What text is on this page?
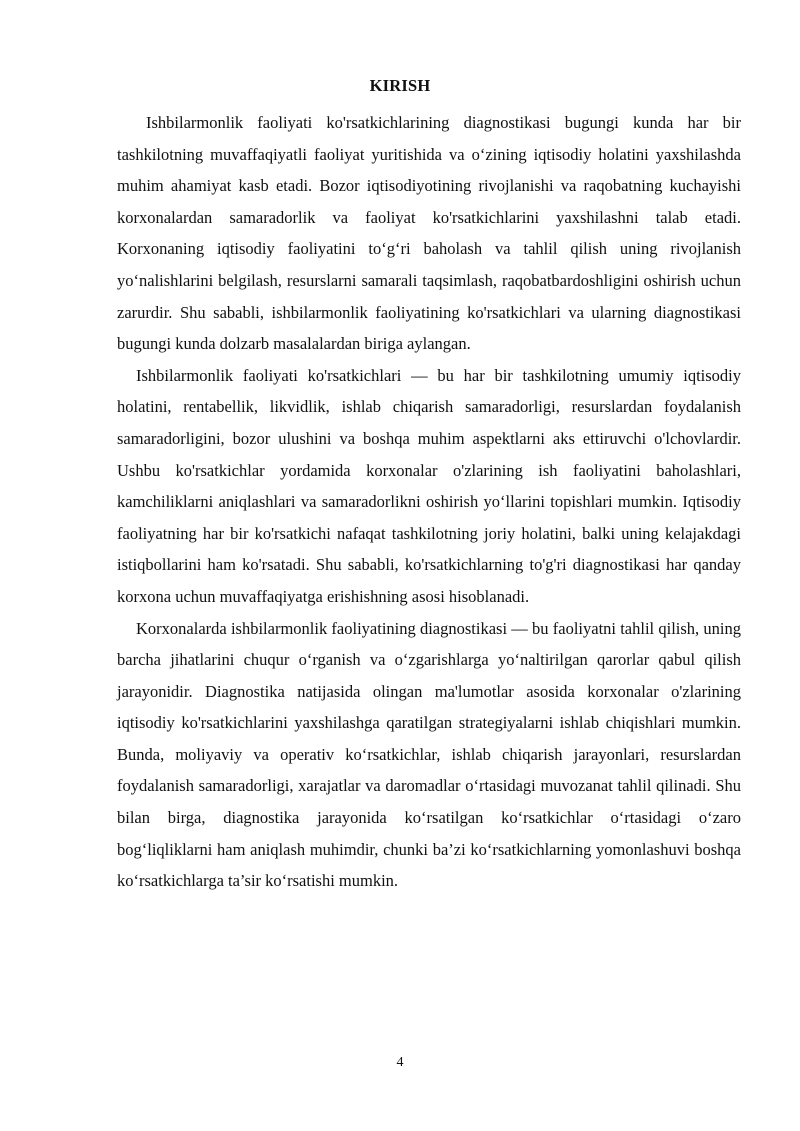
KIRISH

Ishbilarmonlik faoliyati ko'rsatkichlarining diagnostikasi bugungi kunda har bir tashkilotning muvaffaqiyatli faoliyat yuritishida va o‘zining iqtisodiy holatini yaxshilashda muhim ahamiyat kasb etadi. Bozor iqtisodiyotining rivojlanishi va raqobatning kuchayishi korxonalardan samaradorlik va faoliyat ko'rsatkichlarini yaxshilashni talab etadi. Korxonaning iqtisodiy faoliyatini to‘g‘ri baholash va tahlil qilish uning rivojlanish yo‘nalishlarini belgilash, resurslarni samarali taqsimlash, raqobatbardoshligini oshirish uchun zarurdir. Shu sababli, ishbilarmonlik faoliyatining ko'rsatkichlari va ularning diagnostikasi bugungi kunda dolzarb masalalardan biriga aylangan.

Ishbilarmonlik faoliyati ko'rsatkichlari — bu har bir tashkilotning umumiy iqtisodiy holatini, rentabellik, likvidlik, ishlab chiqarish samaradorligi, resurslardan foydalanish samaradorligini, bozor ulushini va boshqa muhim aspektlarni aks ettiruvchi o'lchovlardir. Ushbu ko'rsatkichlar yordamida korxonalar o'zlarining ish faoliyatini baholashlari, kamchiliklarni aniqlashlari va samaradorlikni oshirish yo‘llarini topishlari mumkin. Iqtisodiy faoliyatning har bir ko'rsatkichi nafaqat tashkilotning joriy holatini, balki uning kelajakdagi istiqbollarini ham ko'rsatadi. Shu sababli, ko'rsatkichlarning to'g'ri diagnostikasi har qanday korxona uchun muvaffaqiyatga erishishning asosi hisoblanadi.

Korxonalarda ishbilarmonlik faoliyatining diagnostikasi — bu faoliyatni tahlil qilish, uning barcha jihatlarini chuqur o‘rganish va o‘zgarishlarga yo‘naltirilgan qarorlar qabul qilish jarayonidir. Diagnostika natijasida olingan ma'lumotlar asosida korxonalar o'zlarining iqtisodiy ko'rsatkichlarini yaxshilashga qaratilgan strategiyalarni ishlab chiqishlari mumkin. Bunda, moliyaviy va operativ ko‘rsatkichlar, ishlab chiqarish jarayonlari, resurslardan foydalanish samaradorligi, xarajatlar va daromadlar o‘rtasidagi muvozanat tahlil qilinadi. Shu bilan birga, diagnostika jarayonida ko‘rsatilgan ko‘rsatkichlar o‘rtasidagi o‘zaro bog‘liqliklarni ham aniqlash muhimdir, chunki ba’zi ko‘rsatkichlarning yomonlashuvi boshqa ko‘rsatkichlarga ta’sir ko‘rsatishi mumkin.

4
